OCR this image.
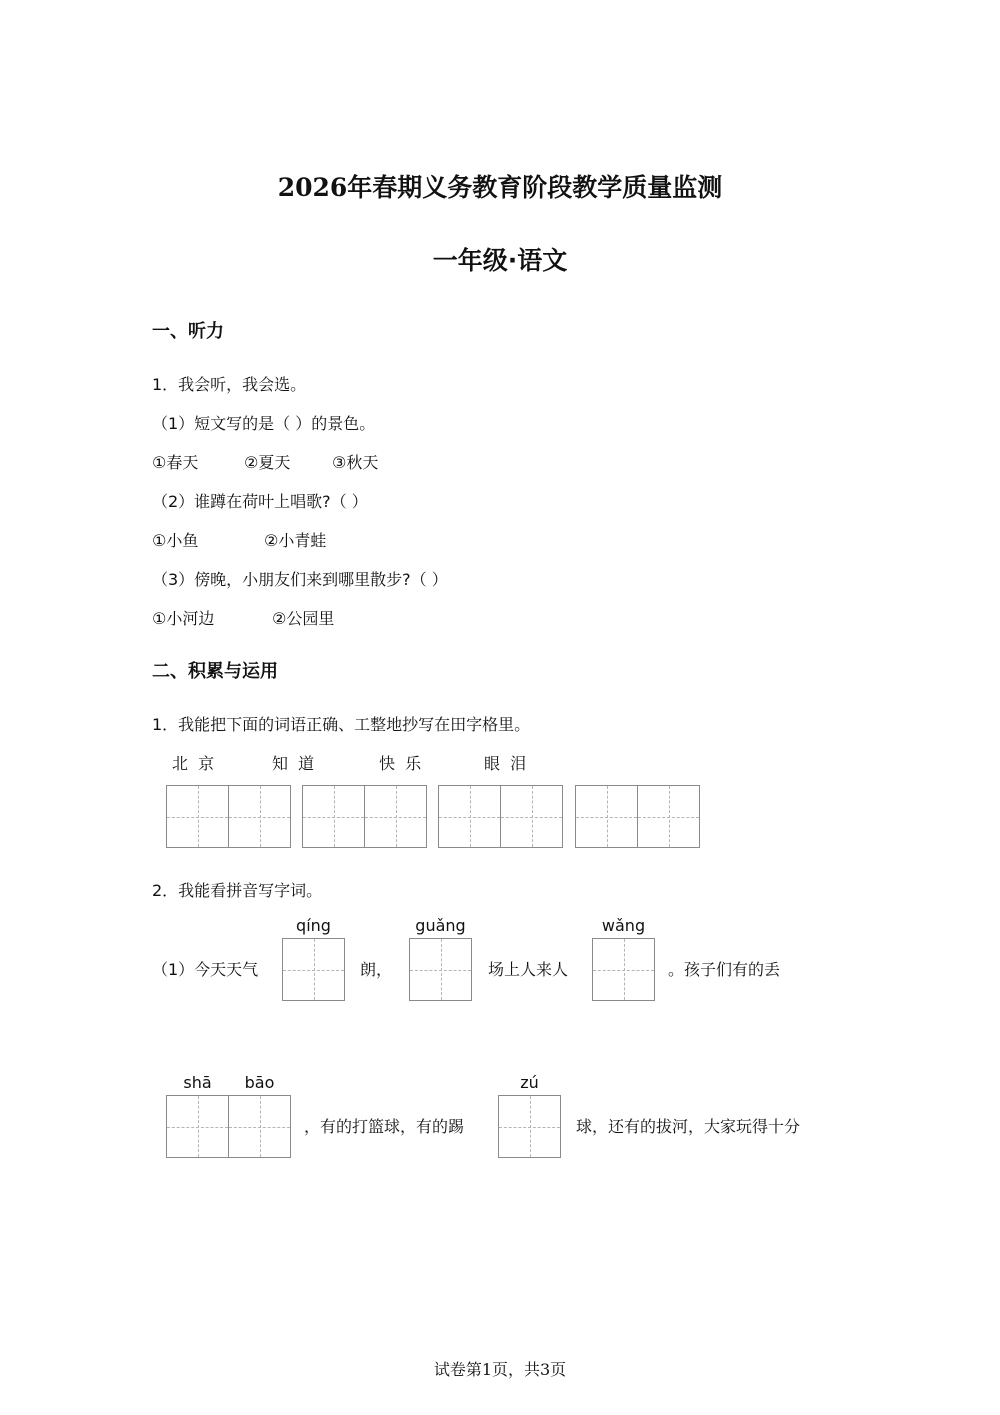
2026年春期义务教育阶段教学质量监测
一年级·语文
一、听力
1．我会听，我会选。
（1）短文写的是（ ）的景色。
①春天	②夏天	③秋天
（2）谁蹲在荷叶上唱歌?（ ）
①小鱼	②小青蛙
（3）傍晚，小朋友们来到哪里散步?（ ）
①小河边	②公园里
二、积累与运用
1．我能把下面的词语正确、工整地抄写在田字格里。
北  京	知  道	快  乐	眼  泪
2．我能看拼音写字词。
qíng	guǎng	wǎng
（1）今天天气	朗，	场上人来人	。孩子们有的丢
shā	bāo	zú
，有的打篮球，有的踢	球，还有的拔河，大家玩得十分
试卷第1页，共3页
